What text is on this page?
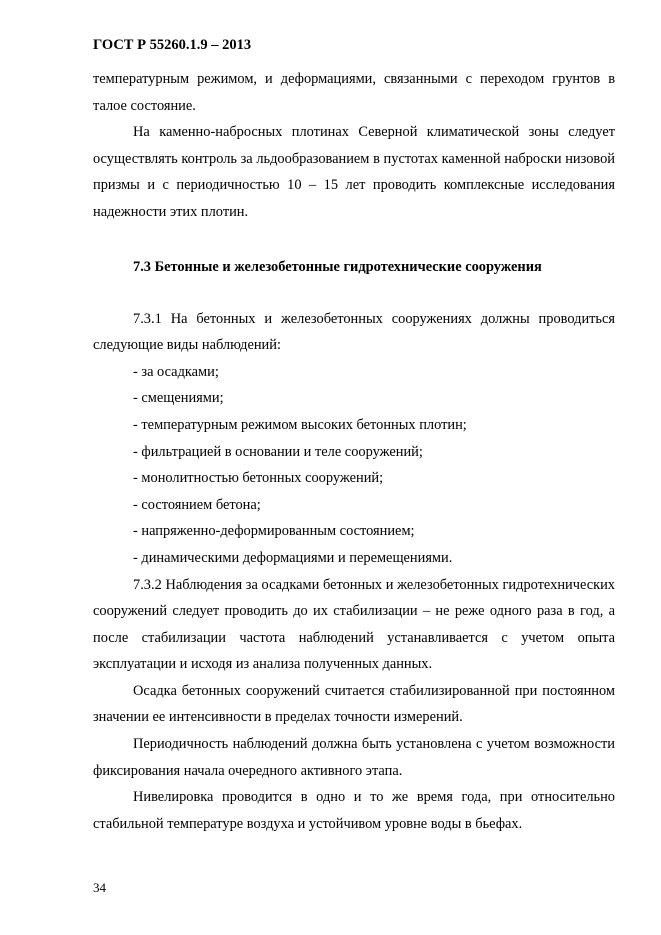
ГОСТ Р 55260.1.9 – 2013

температурным режимом, и деформациями, связанными с переходом грунтов в талое состояние.

На каменно-набросных плотинах Северной климатической зоны следует осуществлять контроль за льдообразованием в пустотах каменной наброски низовой призмы и с периодичностью 10 – 15 лет проводить комплексные исследования надежности этих плотин.

7.3 Бетонные и железобетонные гидротехнические сооружения

7.3.1 На бетонных и железобетонных сооружениях должны проводиться следующие виды наблюдений:

- за осадками;
- смещениями;
- температурным режимом высоких бетонных плотин;
- фильтрацией в основании и теле сооружений;
- монолитностью бетонных сооружений;
- состоянием бетона;
- напряженно-деформированным состоянием;
- динамическими деформациями и перемещениями.

7.3.2 Наблюдения за осадками бетонных и железобетонных гидротехнических сооружений следует проводить до их стабилизации – не реже одного раза в год, а после стабилизации частота наблюдений устанавливается с учетом опыта эксплуатации и исходя из анализа полученных данных.

Осадка бетонных сооружений считается стабилизированной при постоянном значении ее интенсивности в пределах точности измерений.

Периодичность наблюдений должна быть установлена с учетом возможности фиксирования начала очередного активного этапа.

Нивелировка проводится в одно и то же время года, при относительно стабильной температуре воздуха и устойчивом уровне воды в бьефах.

34
